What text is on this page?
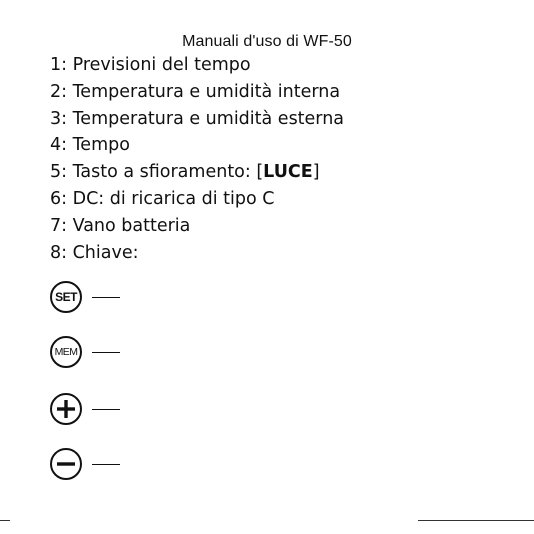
Manuali d'uso di WF-50
1: Previsioni del tempo
2: Temperatura e umidità interna
3: Temperatura e umidità esterna
4: Tempo
5: Tasto a sfioramento: [LUCE]
6: DC: di ricarica di tipo C
7: Vano batteria
8: Chiave:
SET
MEM
